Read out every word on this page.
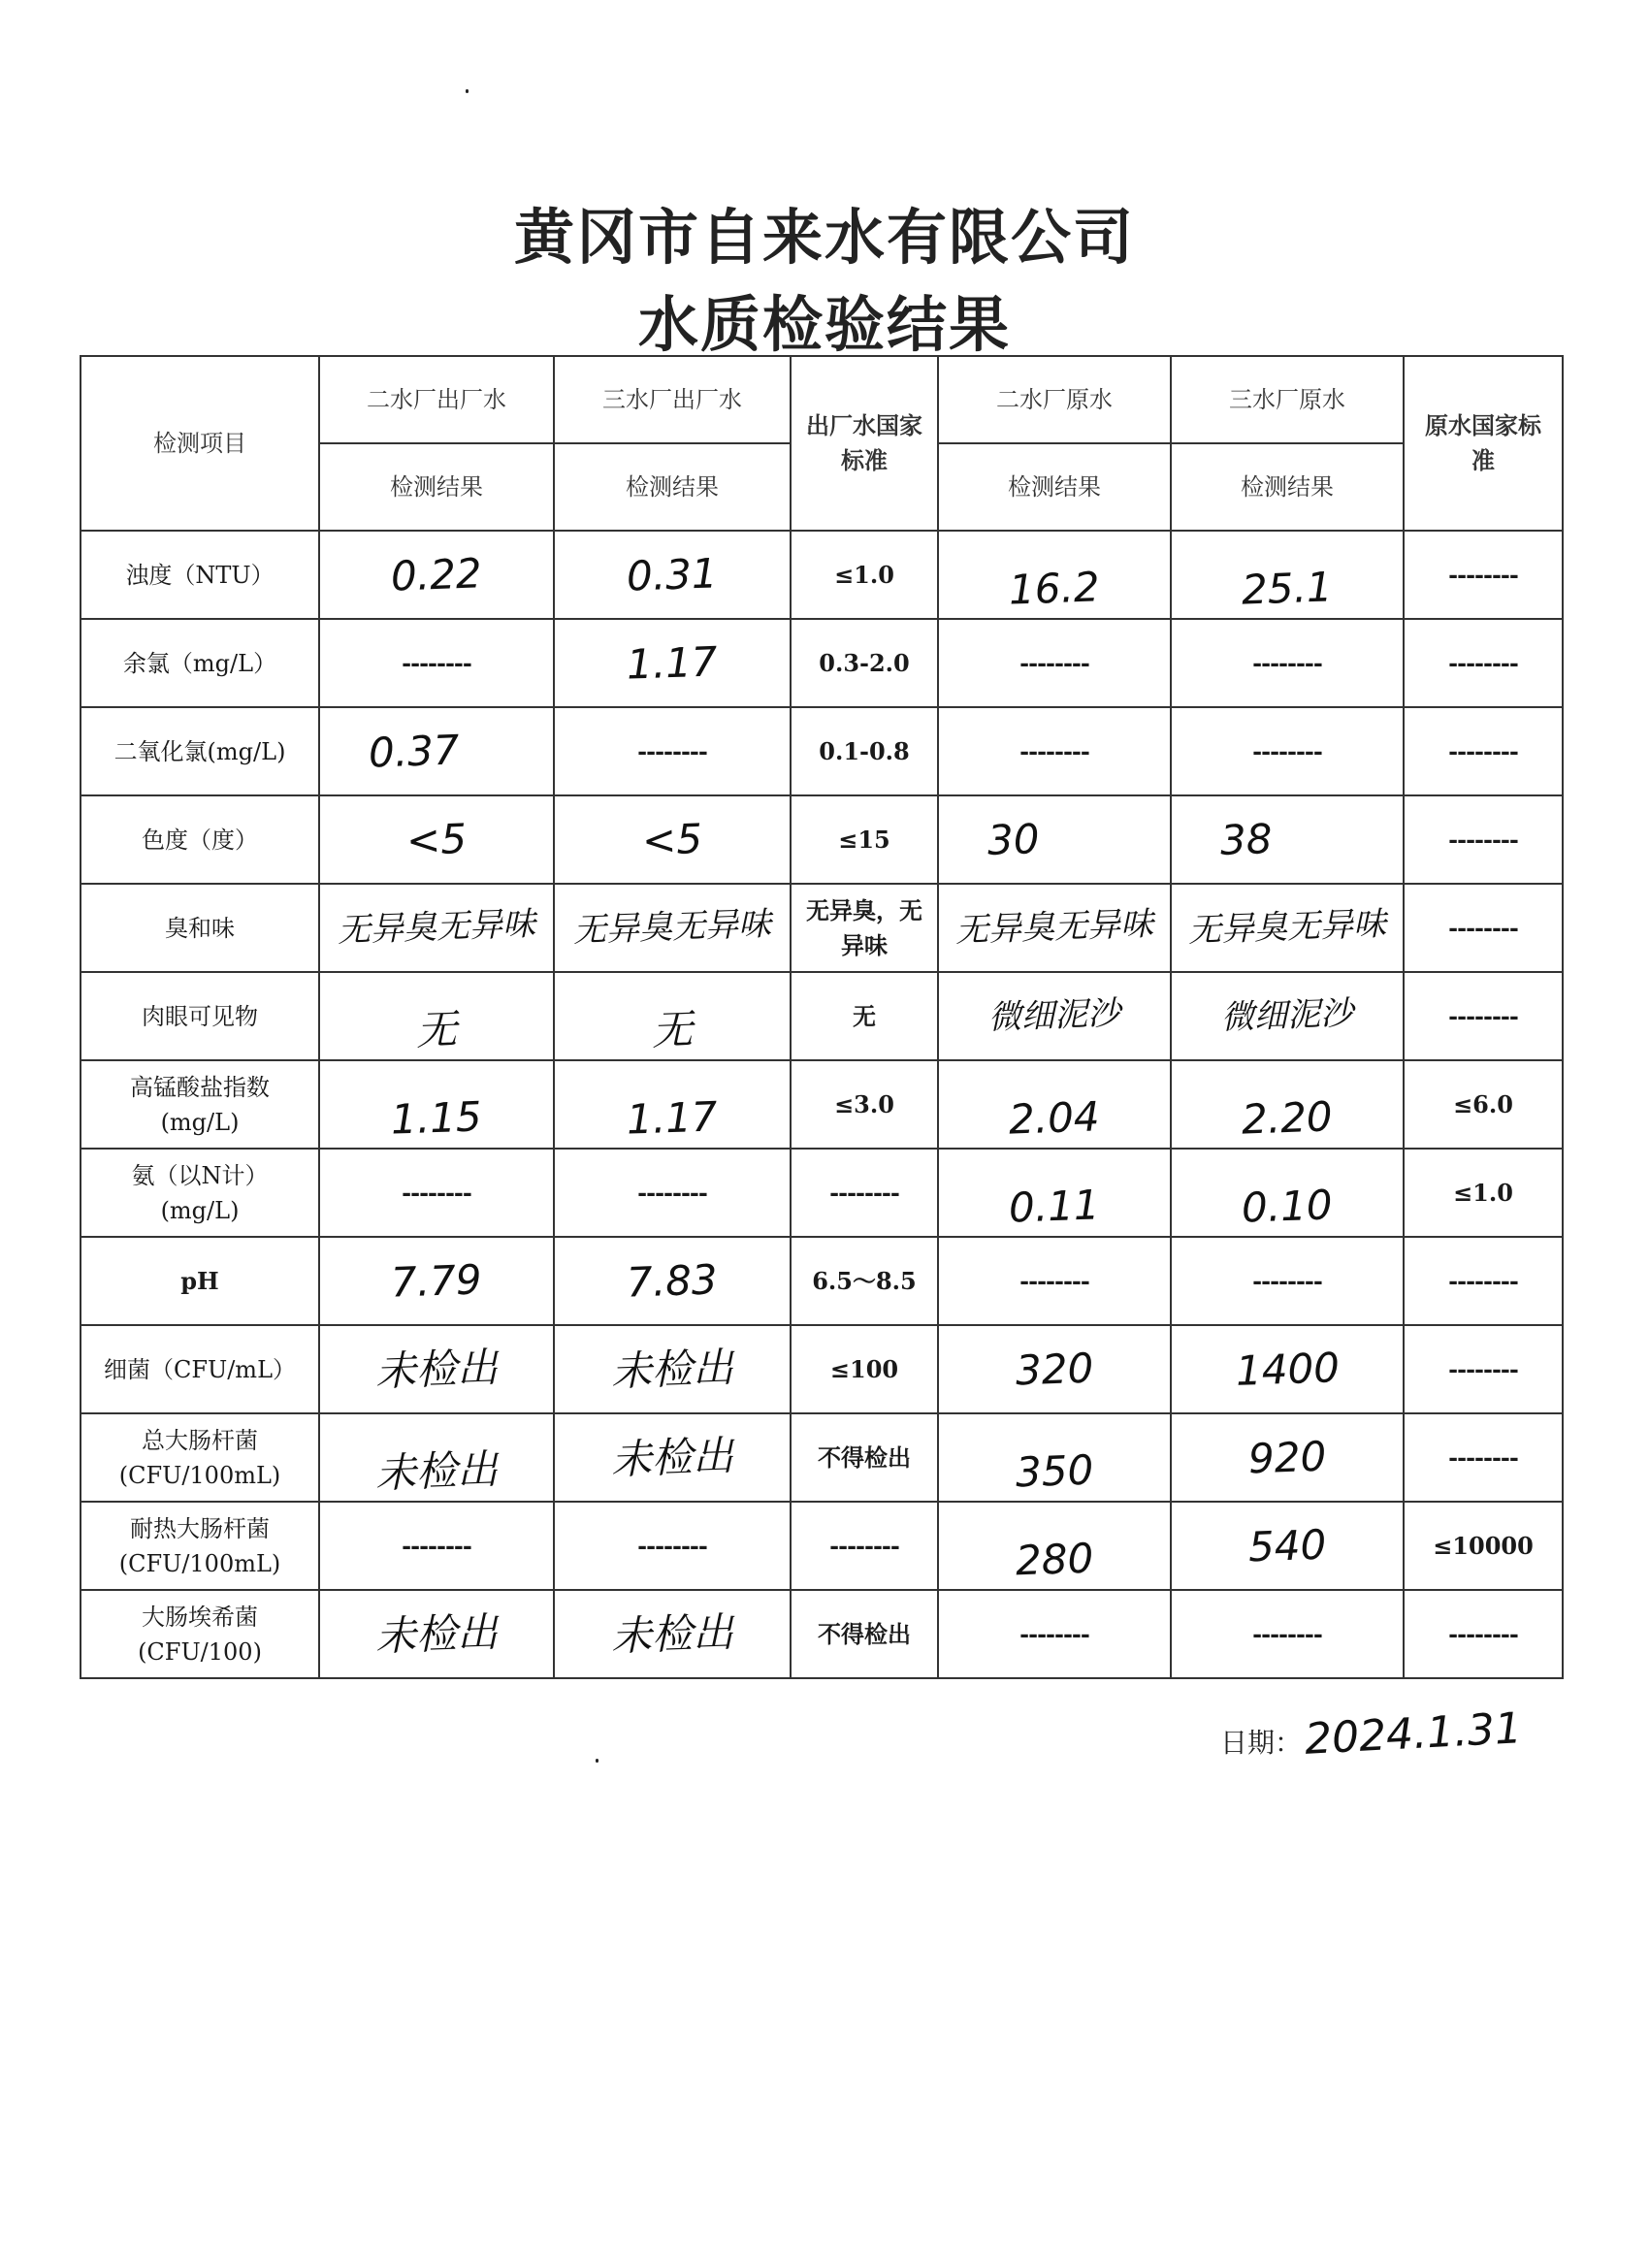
黄冈市自来水有限公司
水质检验结果
检测项目	二水厂出厂水	三水厂出厂水	出厂水国家标准	二水厂原水	三水厂原水	原水国家标准
	检测结果	检测结果		检测结果	检测结果	
浊度（NTU）	0.22	0.31	≤1.0	16.2	25.1	--------
余氯（mg/L）	--------	1.17	0.3-2.0	--------	--------	--------
二氧化氯(mg/L)	0.37	--------	0.1-0.8	--------	--------	--------
色度（度）	<5	<5	≤15	30	38	--------
臭和味	无异臭无异味	无异臭无异味	无异臭，无异味	无异臭无异味	无异臭无异味	--------
肉眼可见物	无	无	无	微细泥沙	微细泥沙	--------
高锰酸盐指数(mg/L)	1.15	1.17	≤3.0	2.04	2.20	≤6.0
氨（以N计）(mg/L)	--------	--------	--------	0.11	0.10	≤1.0
pH	7.79	7.83	6.5～8.5	--------	--------	--------
细菌（CFU/mL）	未检出	未检出	≤100	320	1400	--------
总大肠杆菌(CFU/100mL)	未检出	未检出	不得检出	350	920	--------
耐热大肠杆菌(CFU/100mL)	--------	--------	--------	280	540	≤10000
大肠埃希菌(CFU/100)	未检出	未检出	不得检出	--------	--------	--------
日期： 2024.1.31
